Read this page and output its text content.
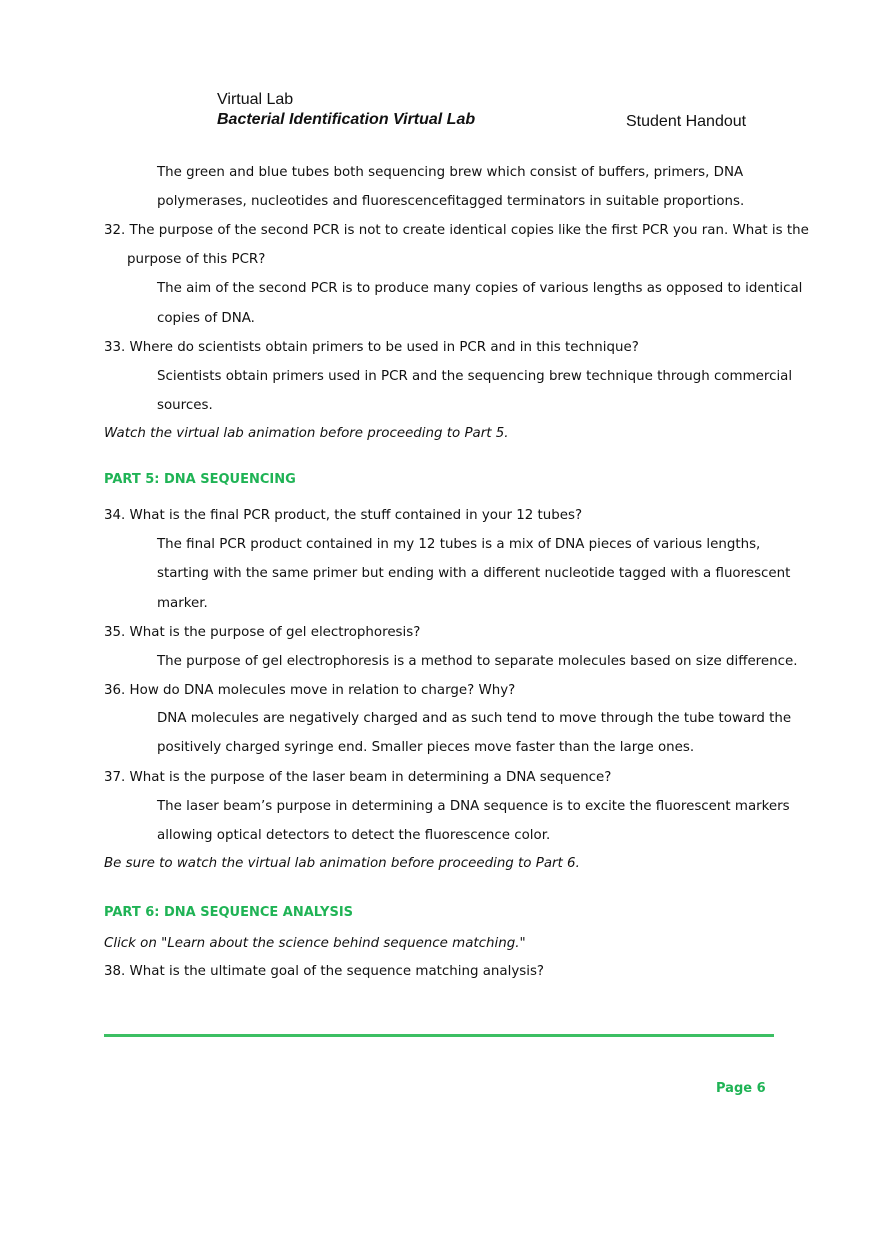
Virtual Lab
Bacterial Identification Virtual Lab	Student Handout
The green and blue tubes both sequencing brew which consist of buffers, primers, DNA
polymerases, nucleotides and fluorescencefitagged terminators in suitable proportions.
32. The purpose of the second PCR is not to create identical copies like the first PCR you ran. What is the
purpose of this PCR?
The aim of the second PCR is to produce many copies of various lengths as opposed to identical
copies of DNA.
33. Where do scientists obtain primers to be used in PCR and in this technique?
Scientists obtain primers used in PCR and the sequencing brew technique through commercial
sources.
Watch the virtual lab animation before proceeding to Part 5.
PART 5: DNA SEQUENCING
34. What is the final PCR product, the stuff contained in your 12 tubes?
The final PCR product contained in my 12 tubes is a mix of DNA pieces of various lengths,
starting with the same primer but ending with a different nucleotide tagged with a fluorescent
marker.
35. What is the purpose of gel electrophoresis?
The purpose of gel electrophoresis is a method to separate molecules based on size difference.
36. How do DNA molecules move in relation to charge? Why?
DNA molecules are negatively charged and as such tend to move through the tube toward the
positively charged syringe end. Smaller pieces move faster than the large ones.
37. What is the purpose of the laser beam in determining a DNA sequence?
The laser beam’s purpose in determining a DNA sequence is to excite the fluorescent markers
allowing optical detectors to detect the fluorescence color.
Be sure to watch the virtual lab animation before proceeding to Part 6.
PART 6: DNA SEQUENCE ANALYSIS
Click on "Learn about the science behind sequence matching."
38. What is the ultimate goal of the sequence matching analysis?
Page 6
